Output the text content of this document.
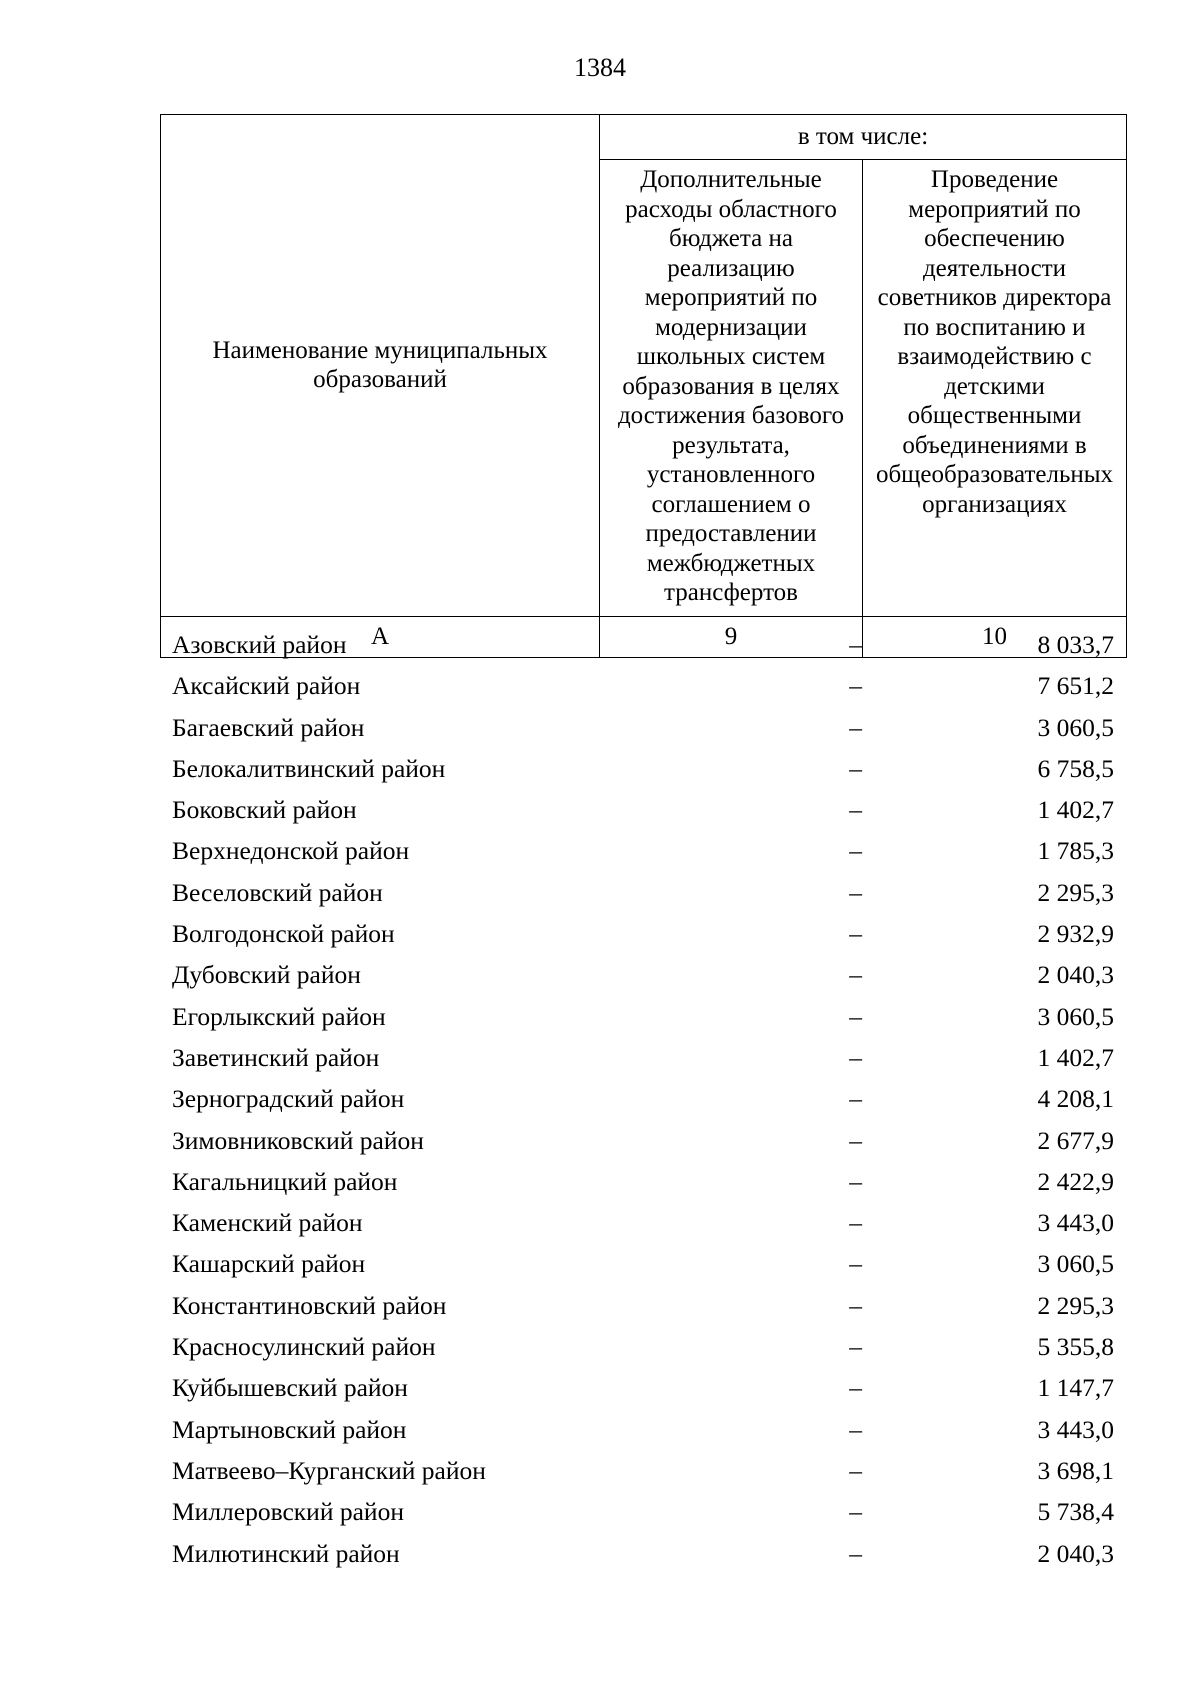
1384
Наименование муниципальных образований	в том числе:	
	Дополнительные расходы областного бюджета на реализацию мероприятий по модернизации школьных систем образования в целях достижения базового результата, установленного соглашением о предоставлении межбюджетных трансфертов	Проведение мероприятий по обеспечению деятельности советников директора по воспитанию и взаимодействию с детскими общественными объединениями в общеобразовательных организациях
А	9	10
Азовский район	–	8 033,7
Аксайский район	–	7 651,2
Багаевский район	–	3 060,5
Белокалитвинский район	–	6 758,5
Боковский район	–	1 402,7
Верхнедонской район	–	1 785,3
Веселовский район	–	2 295,3
Волгодонской район	–	2 932,9
Дубовский район	–	2 040,3
Егорлыкский район	–	3 060,5
Заветинский район	–	1 402,7
Зерноградский район	–	4 208,1
Зимовниковский район	–	2 677,9
Кагальницкий район	–	2 422,9
Каменский район	–	3 443,0
Кашарский район	–	3 060,5
Константиновский район	–	2 295,3
Красносулинский район	–	5 355,8
Куйбышевский район	–	1 147,7
Мартыновский район	–	3 443,0
Матвеево–Курганский район	–	3 698,1
Миллеровский район	–	5 738,4
Милютинский район	–	2 040,3
